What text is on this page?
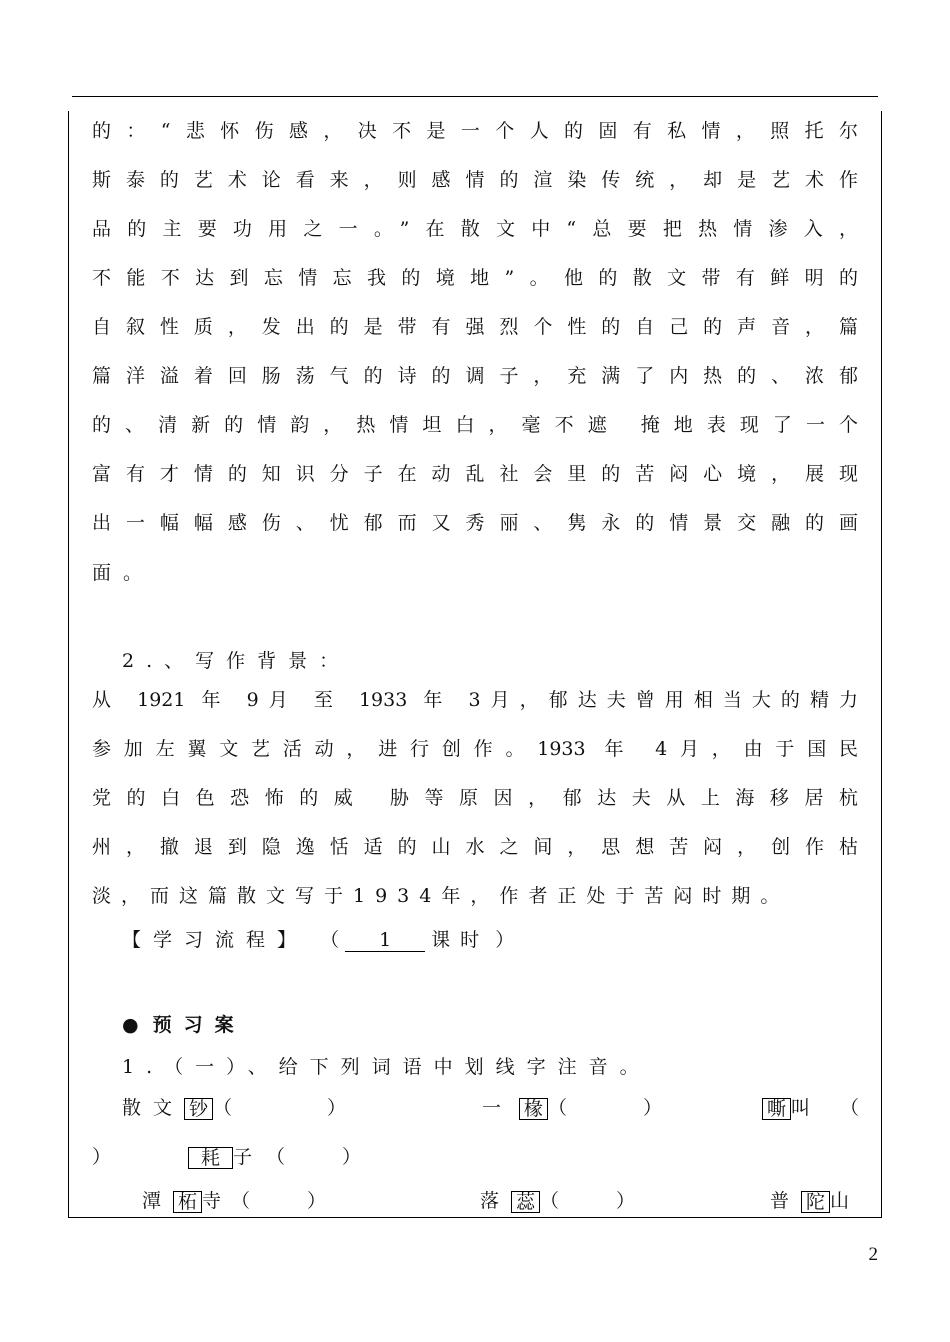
的：“悲怀伤感，决不是一个人的固有私情，照托尔
斯泰的艺术论看来，则感情的渲染传统，却是艺术作
品的主要功用之一。”在散文中“总要把热情渗入，
不能不达到忘情忘我的境地”。他的散文带有鲜明的
自叙性质，发出的是带有强烈个性的自己的声音，篇
篇洋溢着回肠荡气的诗的调子，充满了内热的、浓郁
的、清新的情韵，热情坦白，毫不遮 掩地表现了一个
富有才情的知识分子在动乱社会里的苦闷心境，展现
出一幅幅感伤、忧郁而又秀丽、隽永的情景交融的画
面。
2.、写作背景：
从 1921 年 9月 至 1933 年 3月，郁达夫曾用相当大的精力
参加左翼文艺活动，进行创作。1933 年 4月，由于国民
党的白色恐怖的威 胁等原因，郁达夫从上海移居杭
州，撤退到隐逸恬适的山水之间，思想苦闷，创作枯
淡，而这篇散文写于1934年，作者正处于苦闷时期。
【学习流程】 （ 1 课时 ）
● 预习案
1.（一）、给下列词语中划线字注音。
散文 钞 （　　　　　）	一 椽 （　　　　）	嘶 叫 （
）	耗 子 （　　　）
潭 柘 寺 （　　　）	落 蕊 （　　　）	普 陀 山
2
